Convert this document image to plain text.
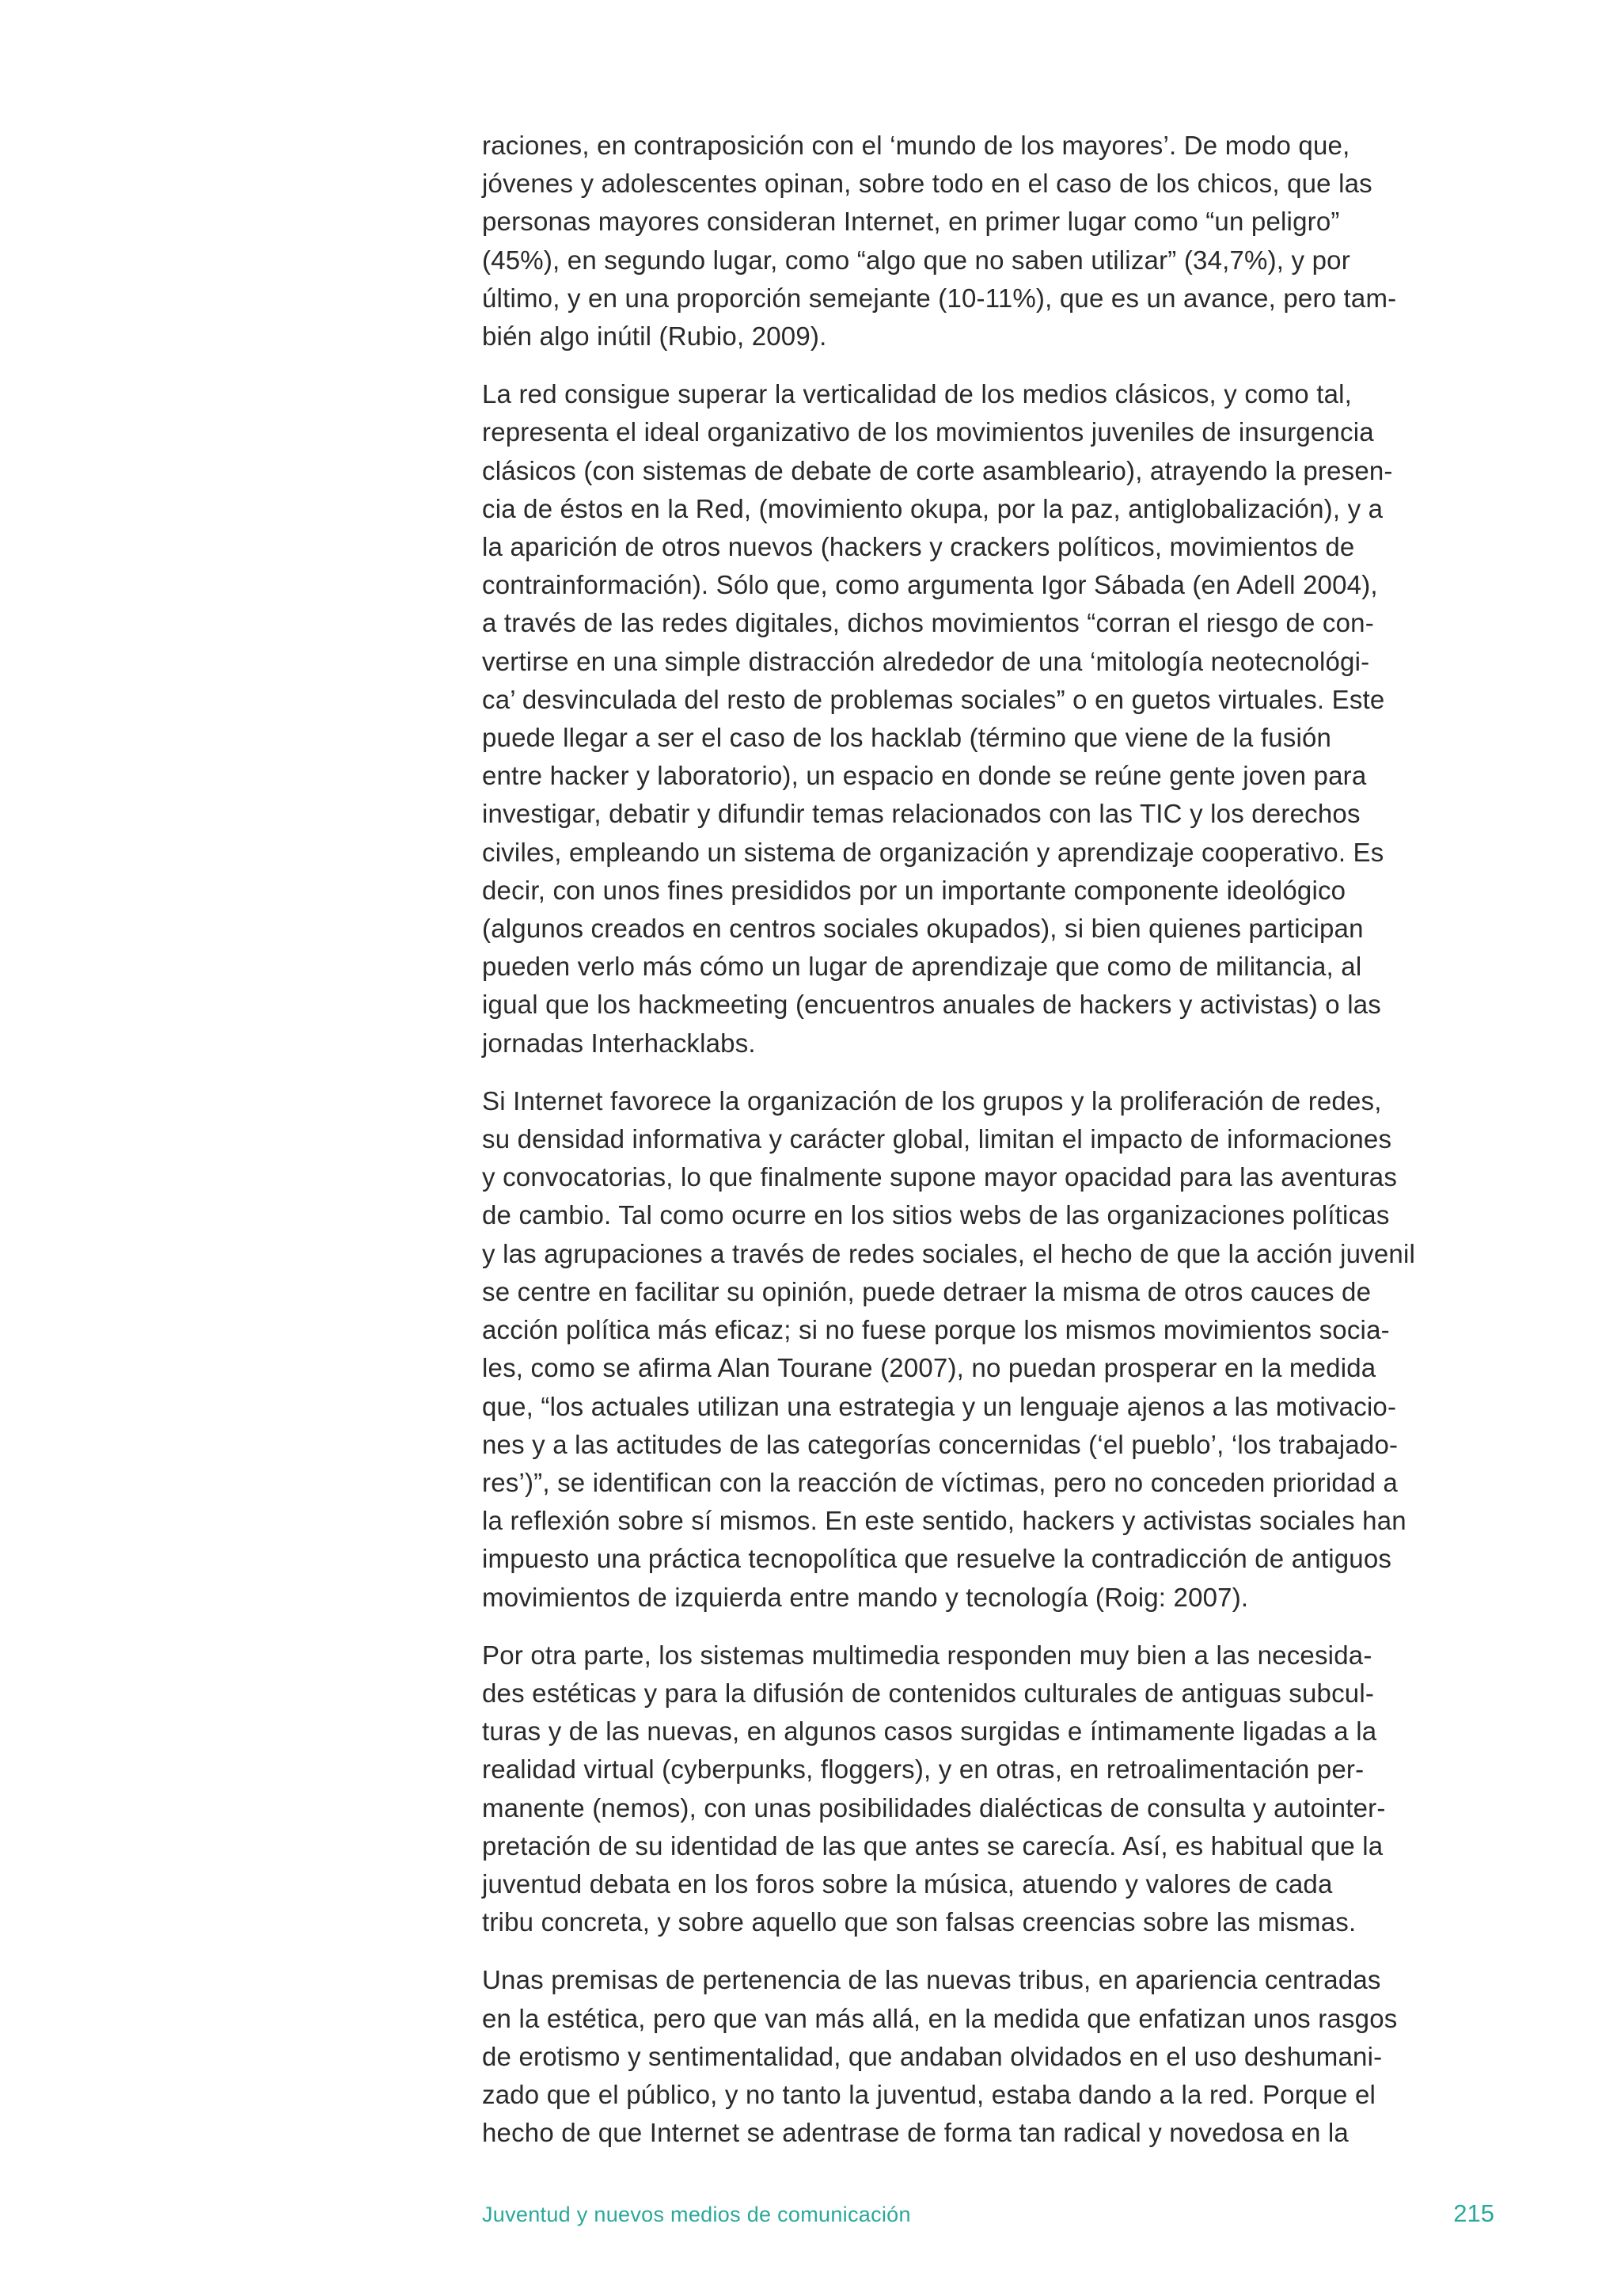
raciones, en contraposición con el ‘mundo de los mayores’. De modo que,
jóvenes y adolescentes opinan, sobre todo en el caso de los chicos, que las
personas mayores consideran Internet, en primer lugar como “un peligro”
(45%), en segundo lugar, como “algo que no saben utilizar” (34,7%), y por
último, y en una proporción semejante (10-11%), que es un avance, pero tam-
bién algo inútil (Rubio, 2009).

La red consigue superar la verticalidad de los medios clásicos, y como tal,
representa el ideal organizativo de los movimientos juveniles de insurgencia
clásicos (con sistemas de debate de corte asambleario), atrayendo la presen-
cia de éstos en la Red, (movimiento okupa, por la paz, antiglobalización), y a
la aparición de otros nuevos (hackers y crackers políticos, movimientos de
contrainformación). Sólo que, como argumenta Igor Sábada (en Adell 2004),
a través de las redes digitales, dichos movimientos “corran el riesgo de con-
vertirse en una simple distracción alrededor de una ‘mitología neotecnológi-
ca’ desvinculada del resto de problemas sociales” o en guetos virtuales. Este
puede llegar a ser el caso de los hacklab (término que viene de la fusión
entre hacker y laboratorio), un espacio en donde se reúne gente joven para
investigar, debatir y difundir temas relacionados con las TIC y los derechos
civiles, empleando un sistema de organización y aprendizaje cooperativo. Es
decir, con unos fines presididos por un importante componente ideológico
(algunos creados en centros sociales okupados), si bien quienes participan
pueden verlo más cómo un lugar de aprendizaje que como de militancia, al
igual que los hackmeeting (encuentros anuales de hackers y activistas) o las
jornadas Interhacklabs.

Si Internet favorece la organización de los grupos y la proliferación de redes,
su densidad informativa y carácter global, limitan el impacto de informaciones
y convocatorias, lo que finalmente supone mayor opacidad para las aventuras
de cambio. Tal como ocurre en los sitios webs de las organizaciones políticas
y las agrupaciones a través de redes sociales, el hecho de que la acción juvenil
se centre en facilitar su opinión, puede detraer la misma de otros cauces de
acción política más eficaz; si no fuese porque los mismos movimientos socia-
les, como se afirma Alan Tourane (2007), no puedan prosperar en la medida
que, “los actuales utilizan una estrategia y un lenguaje ajenos a las motivacio-
nes y a las actitudes de las categorías concernidas (‘el pueblo’, ‘los trabajado-
res’)”, se identifican con la reacción de víctimas, pero no conceden prioridad a
la reflexión sobre sí mismos. En este sentido, hackers y activistas sociales han
impuesto una práctica tecnopolítica que resuelve la contradicción de antiguos
movimientos de izquierda entre mando y tecnología (Roig: 2007).

Por otra parte, los sistemas multimedia responden muy bien a las necesida-
des estéticas y para la difusión de contenidos culturales de antiguas subcul-
turas y de las nuevas, en algunos casos surgidas e íntimamente ligadas a la
realidad virtual (cyberpunks, floggers), y en otras, en retroalimentación per-
manente (nemos), con unas posibilidades dialécticas de consulta y autointer-
pretación de su identidad de las que antes se carecía. Así, es habitual que la
juventud debata en los foros sobre la música, atuendo y valores de cada
tribu concreta, y sobre aquello que son falsas creencias sobre las mismas.

Unas premisas de pertenencia de las nuevas tribus, en apariencia centradas
en la estética, pero que van más allá, en la medida que enfatizan unos rasgos
de erotismo y sentimentalidad, que andaban olvidados en el uso deshumani-
zado que el público, y no tanto la juventud, estaba dando a la red. Porque el
hecho de que Internet se adentrase de forma tan radical y novedosa en la

Juventud y nuevos medios de comunicación	215
